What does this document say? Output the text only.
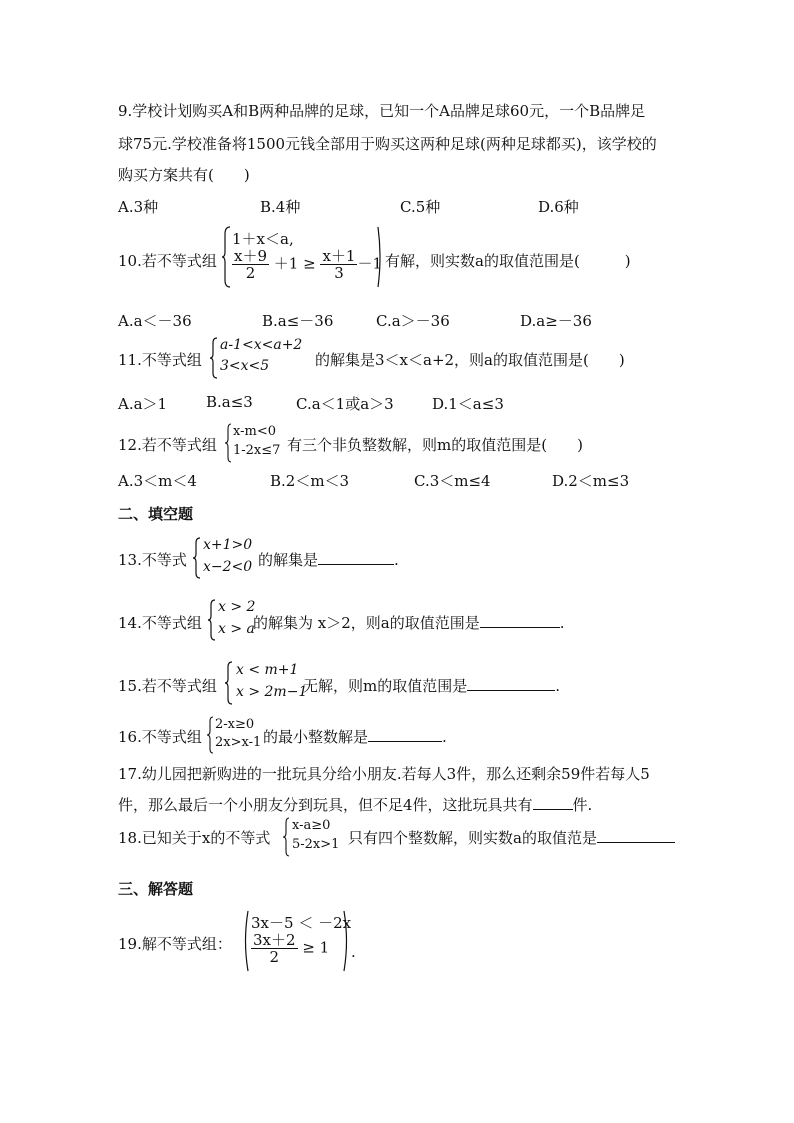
9.学校计划购买A和B两种品牌的足球，已知一个A品牌足球60元，一个B品牌足
球75元.学校准备将1500元钱全部用于购买这两种足球(两种足球都买)，该学校的
购买方案共有(　　)
A.3种	B.4种	C.5种	D.6种
10.若不等式组
1＋x＜a,
$\frac{x+9}{2} +1 \ge \frac{x+1}{3} -1$ 有解，则实数a的取值范围是(　　　)
A.a＜－36	B.a≤－36	C.a＞－36	D.a≥－36
11.不等式组
a-1<x<a+2
3<x<5	的解集是3＜x＜a+2，则a的取值范围是(　　)
A.a＞1	B.a≤3	C.a＜1或a＞3	D.1＜a≤3
12.若不等式组
x-m<0
1-2x≤7 有三个非负整数解，则m的取值范围是(　　)
A.3＜m＜4	B.2＜m＜3	C.3＜m≤4	D.2＜m≤3
二、填空题
13.不等式
x+1>0
x−2<0 的解集是	.
14.不等式组
x > 2
x > a
的解集为 x＞2，则a的取值范围是	.
15.若不等式组
x < m+1
x > 2m−1
无解，则m的取值范围是	.
16.不等式组
2-x≥0
2x>x-1 的最小整数解是	.
17.幼儿园把新购进的一批玩具分给小朋友.若每人3件，那么还剩余59件若每人5
件，那么最后一个小朋友分到玩具，但不足4件，这批玩具共有	件.
18.已知关于x的不等式
x-a≥0
5-2x>1 只有四个整数解，则实数a的取值范是
三、解答题
19.解不等式组：
3x－5 ＜ －2x
$\frac{3x+2}{2} \ge 1$ .
